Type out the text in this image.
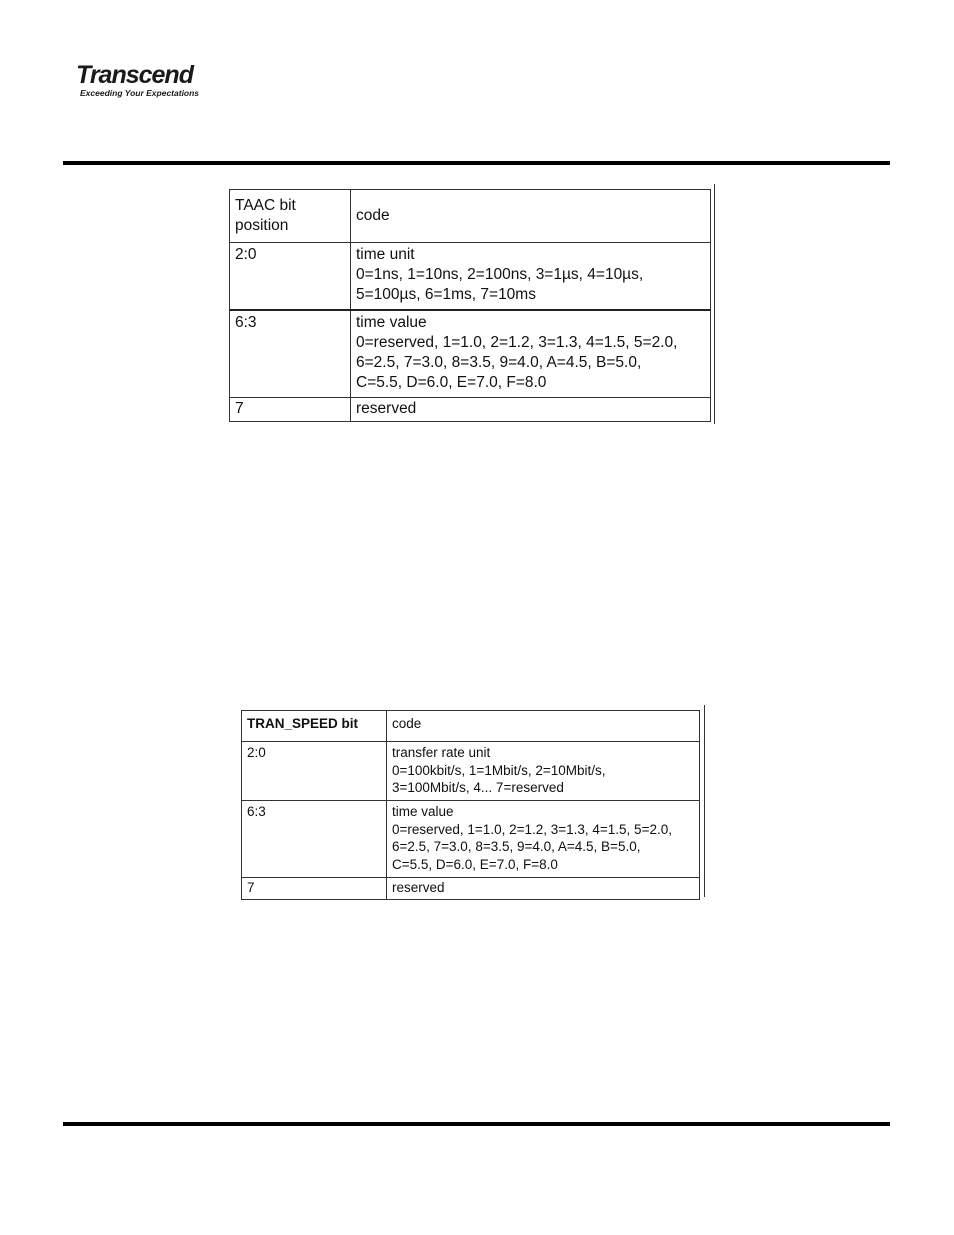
Transcend
Exceeding Your Expectations
TAAC bit position	code
2:0	time unit
0=1ns, 1=10ns, 2=100ns, 3=1µs, 4=10µs,
5=100µs, 6=1ms, 7=10ms

6:3	time value
0=reserved, 1=1.0, 2=1.2, 3=1.3, 4=1.5, 5=2.0,
6=2.5, 7=3.0, 8=3.5, 9=4.0, A=4.5, B=5.0,
C=5.5, D=6.0, E=7.0, F=8.0

7	reserved
TRAN_SPEED bit	code
2:0	transfer rate unit
0=100kbit/s, 1=1Mbit/s, 2=10Mbit/s,
3=100Mbit/s, 4... 7=reserved

6:3	time value
0=reserved, 1=1.0, 2=1.2, 3=1.3, 4=1.5, 5=2.0,
6=2.5, 7=3.0, 8=3.5, 9=4.0, A=4.5, B=5.0,
C=5.5, D=6.0, E=7.0, F=8.0

7	reserved
